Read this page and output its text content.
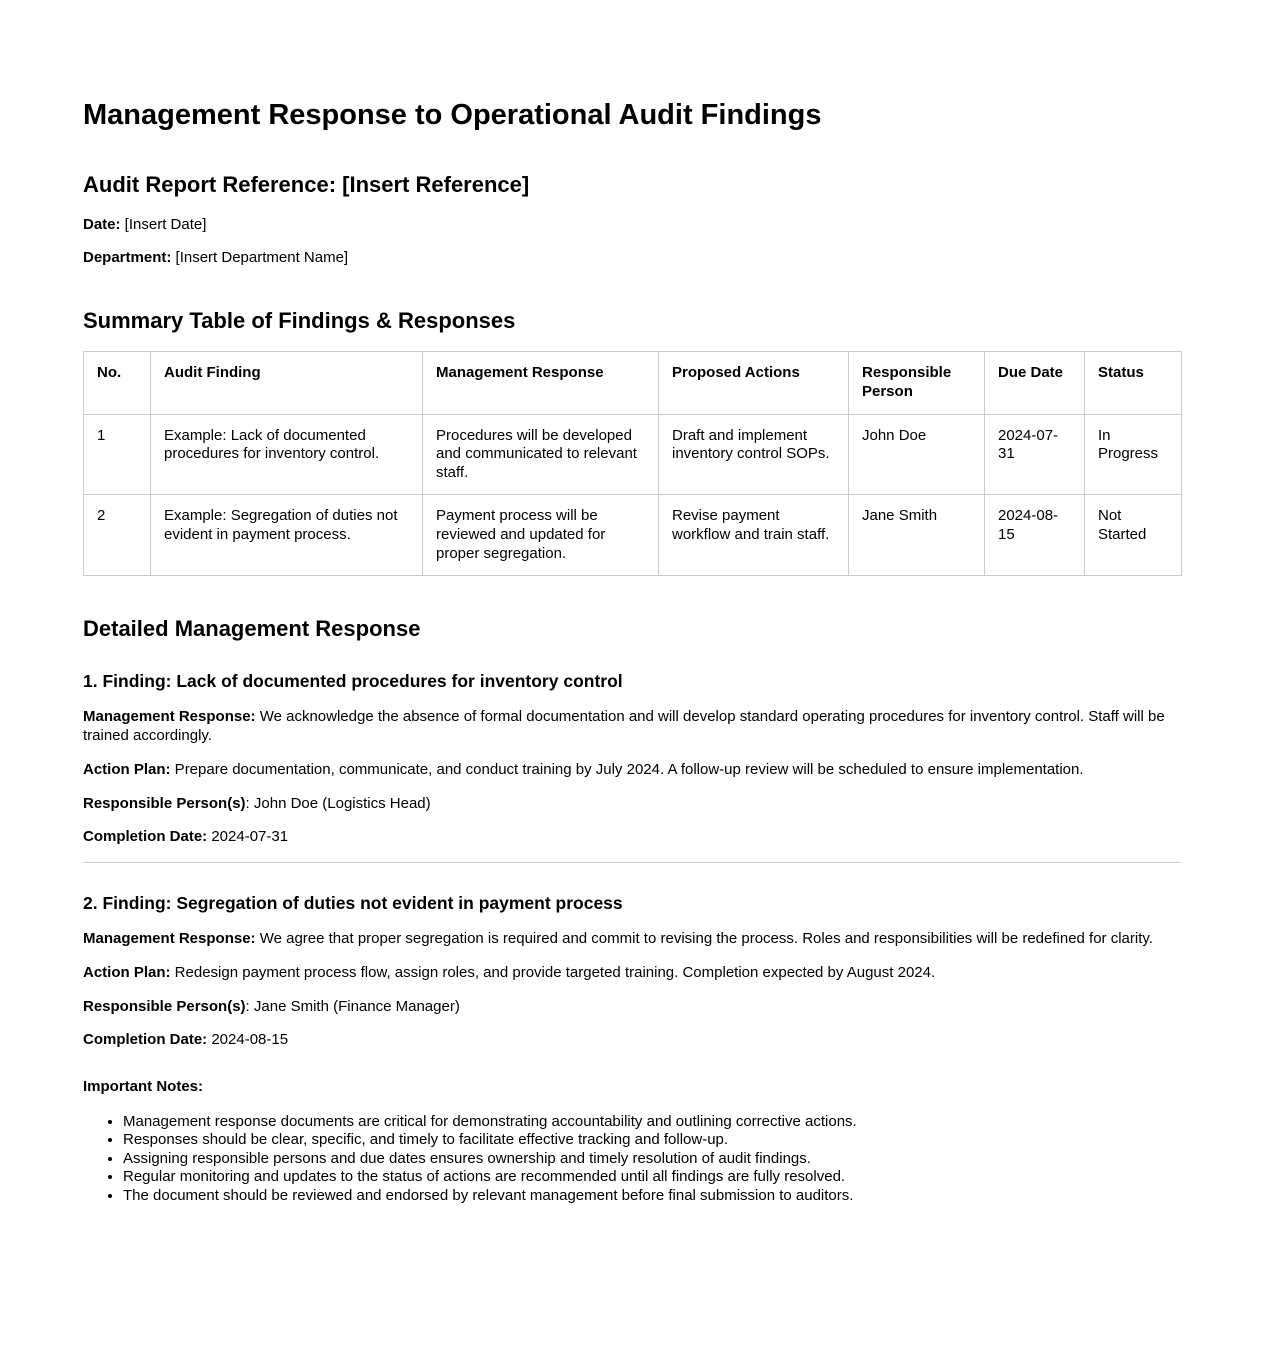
Management Response to Operational Audit Findings
Audit Report Reference: [Insert Reference]

Date: [Insert Date]

Department: [Insert Department Name]

Summary Table of Findings & Responses
No.	Audit Finding	Management Response	Proposed Actions	Responsible Person	Due Date	Status
1	Example: Lack of documented procedures for inventory control.	Procedures will be developed and communicated to relevant staff.	Draft and implement inventory control SOPs.	John Doe	2024-07-31	In Progress
2	Example: Segregation of duties not evident in payment process.	Payment process will be reviewed and updated for proper segregation.	Revise payment workflow and train staff.	Jane Smith	2024-08-15	Not Started
Detailed Management Response
1. Finding: Lack of documented procedures for inventory control

Management Response: We acknowledge the absence of formal documentation and will develop standard operating procedures for inventory control. Staff will be trained accordingly.

Action Plan: Prepare documentation, communicate, and conduct training by July 2024. A follow-up review will be scheduled to ensure implementation.

Responsible Person(s): John Doe (Logistics Head)

Completion Date: 2024-07-31

2. Finding: Segregation of duties not evident in payment process

Management Response: We agree that proper segregation is required and commit to revising the process. Roles and responsibilities will be redefined for clarity.

Action Plan: Redesign payment process flow, assign roles, and provide targeted training. Completion expected by August 2024.

Responsible Person(s): Jane Smith (Finance Manager)

Completion Date: 2024-08-15

Important Notes:

• Management response documents are critical for demonstrating accountability and outlining corrective actions.
• Responses should be clear, specific, and timely to facilitate effective tracking and follow-up.
• Assigning responsible persons and due dates ensures ownership and timely resolution of audit findings.
• Regular monitoring and updates to the status of actions are recommended until all findings are fully resolved.
• The document should be reviewed and endorsed by relevant management before final submission to auditors.
